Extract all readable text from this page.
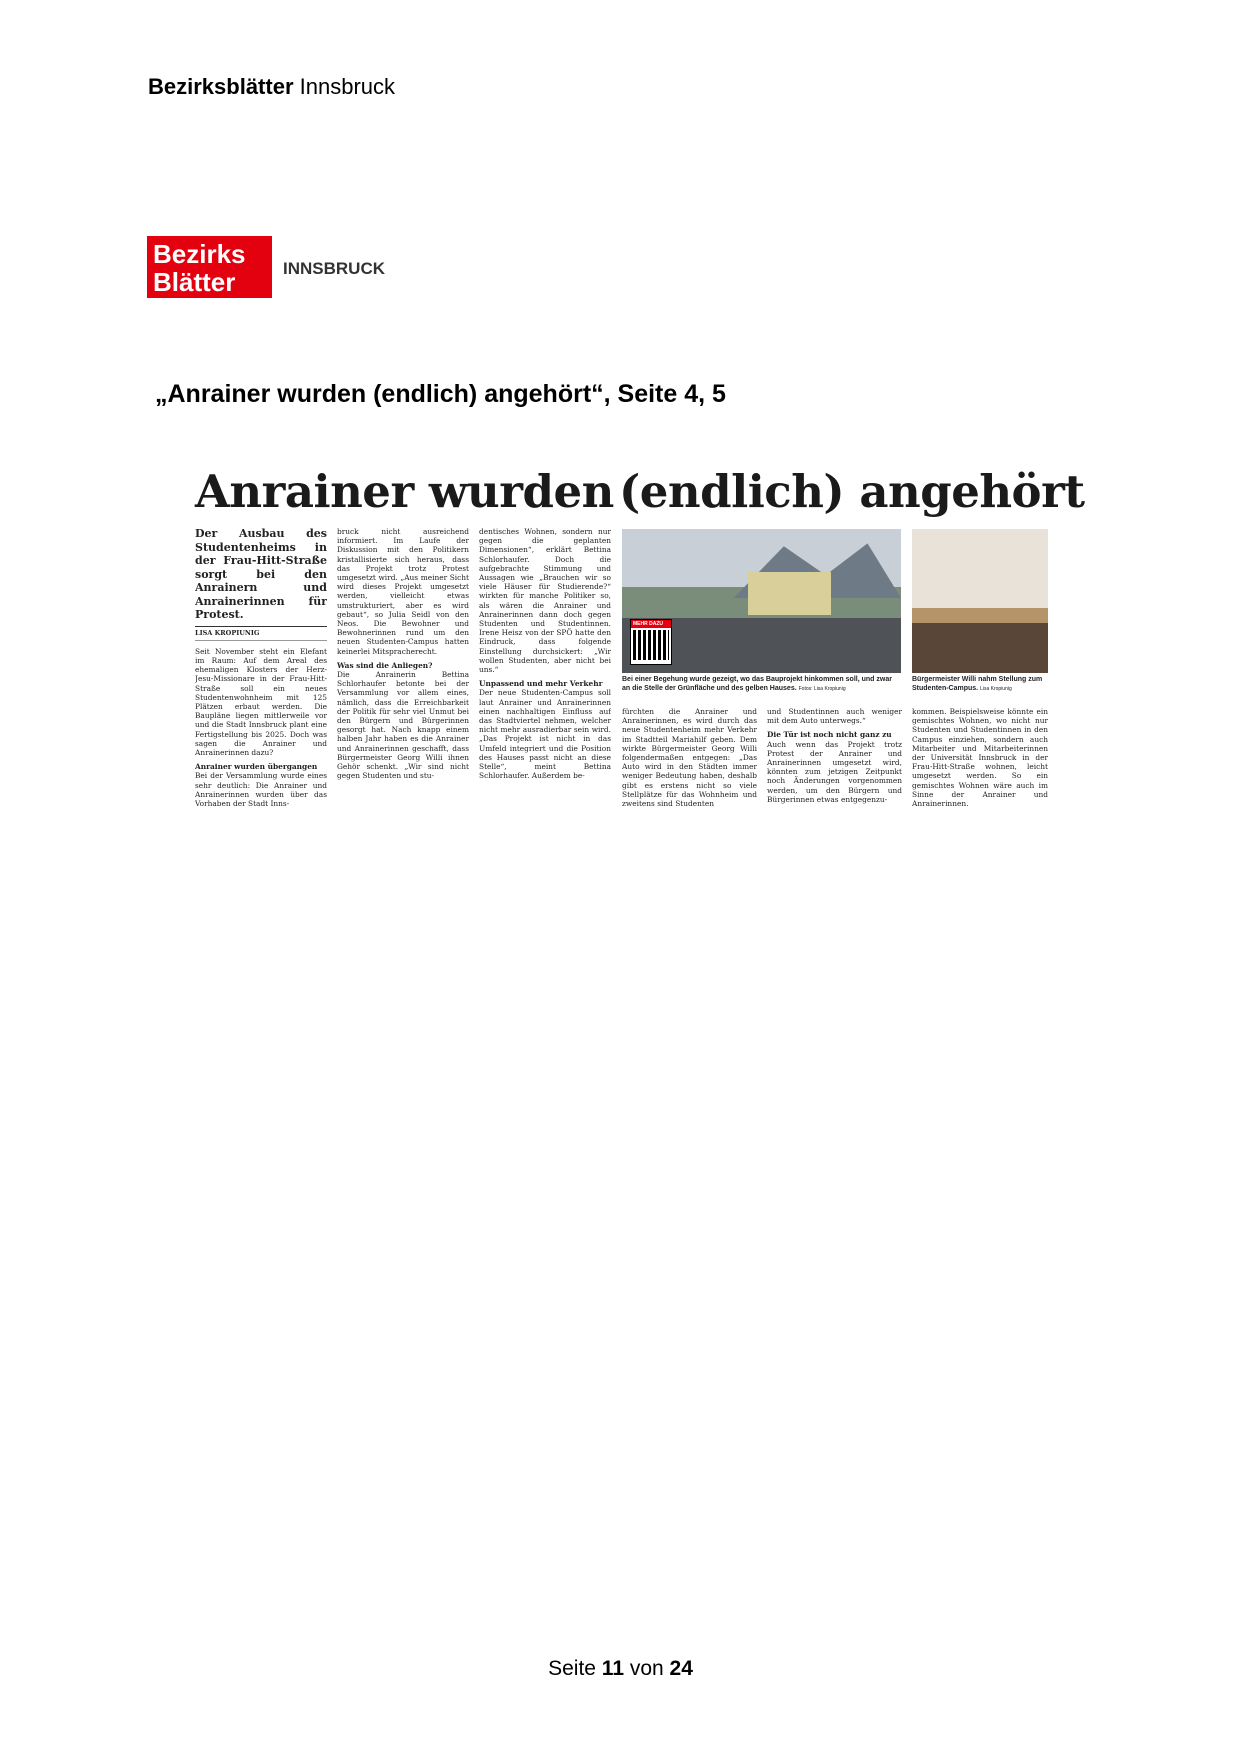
Bezirksblätter Innsbruck
Bezirks
Blätter	INNSBRUCK
„Anrainer wurden (endlich) angehört“, Seite 4, 5
Anrainer wurden (endlich) angehört
Der Ausbau des Studentenheims in der Frau-Hitt-Straße sorgt bei den Anrainern und Anrainerinnen für Protest.
LISA KROPIUNIG
Seit November steht ein Elefant im Raum: Auf dem Areal des ehemaligen Klosters der Herz-Jesu-Missionare in der Frau-Hitt-Straße soll ein neues Studentenwohnheim mit 125 Plätzen erbaut werden. Die Baupläne liegen mittlerweile vor und die Stadt Innsbruck plant eine Fertigstellung bis 2025. Doch was sagen die Anrainer und Anrainerinnen dazu?
Anrainer wurden übergangen
Bei der Versammlung wurde eines sehr deutlich: Die Anrainer und Anrainerinnen wurden über das Vorhaben der Stadt Inns-
bruck nicht ausreichend informiert. Im Laufe der Diskussion mit den Politikern kristallisierte sich heraus, dass das Projekt trotz Protest umgesetzt wird. „Aus meiner Sicht wird dieses Projekt umgesetzt werden, vielleicht etwas umstrukturiert, aber es wird gebaut“, so Julia Seidl von den Neos. Die Bewohner und Bewohnerinnen rund um den neuen Studenten-Campus hatten keinerlei Mitspracherecht.
Was sind die Anliegen?
Die Anrainerin Bettina Schlorhaufer betonte bei der Versammlung vor allem eines, nämlich, dass die Erreichbarkeit der Politik für sehr viel Unmut bei den Bürgern und Bürgerinnen gesorgt hat. Nach knapp einem halben Jahr haben es die Anrainer und Anrainerinnen geschafft, dass Bürgermeister Georg Willi ihnen Gehör schenkt. „Wir sind nicht gegen Studenten und stu-
dentisches Wohnen, sondern nur gegen die geplanten Dimensionen“, erklärt Bettina Schlorhaufer. Doch die aufgebrachte Stimmung und Aussagen wie „Brauchen wir so viele Häuser für Studierende?“ wirkten für manche Politiker so, als wären die Anrainer und Anrainerinnen dann doch gegen Studenten und Studentinnen. Irene Heisz von der SPÖ hatte den Eindruck, dass folgende Einstellung durchsickert: „Wir wollen Studenten, aber nicht bei uns.“
Unpassend und mehr Verkehr
Der neue Studenten-Campus soll laut Anrainer und Anrainerinnen einen nachhaltigen Einfluss auf das Stadtviertel nehmen, welcher nicht mehr ausradierbar sein wird. „Das Projekt ist nicht in das Umfeld integriert und die Position des Hauses passt nicht an diese Stelle“, meint Bettina Schlorhaufer. Außerdem be-
MEHR DAZU
Bei einer Begehung wurde gezeigt, wo das Bauprojekt hinkommen soll, und zwar an die Stelle der Grünfläche und des gelben Hauses. Fotos: Lisa Kropiunig
Bürgermeister Willi nahm Stellung zum Studenten-Campus. Lisa Kropiunig
fürchten die Anrainer und Anrainerinnen, es wird durch das neue Studentenheim mehr Verkehr im Stadtteil Mariahilf geben. Dem wirkte Bürgermeister Georg Willi folgendermaßen entgegen: „Das Auto wird in den Städten immer weniger Bedeutung haben, deshalb gibt es erstens nicht so viele Stellplätze für das Wohnheim und zweitens sind Studenten
und Studentinnen auch weniger mit dem Auto unterwegs.“
Die Tür ist noch nicht ganz zu
Auch wenn das Projekt trotz Protest der Anrainer und Anrainerinnen umgesetzt wird, könnten zum jetzigen Zeitpunkt noch Änderungen vorgenommen werden, um den Bürgern und Bürgerinnen etwas entgegenzu-
kommen. Beispielsweise könnte ein gemischtes Wohnen, wo nicht nur Studenten und Studentinnen in den Campus einziehen, sondern auch Mitarbeiter und Mitarbeiterinnen der Universität Innsbruck in der Frau-Hitt-Straße wohnen, leicht umgesetzt werden. So ein gemischtes Wohnen wäre auch im Sinne der Anrainer und Anrainerinnen.
Seite 11 von 24
